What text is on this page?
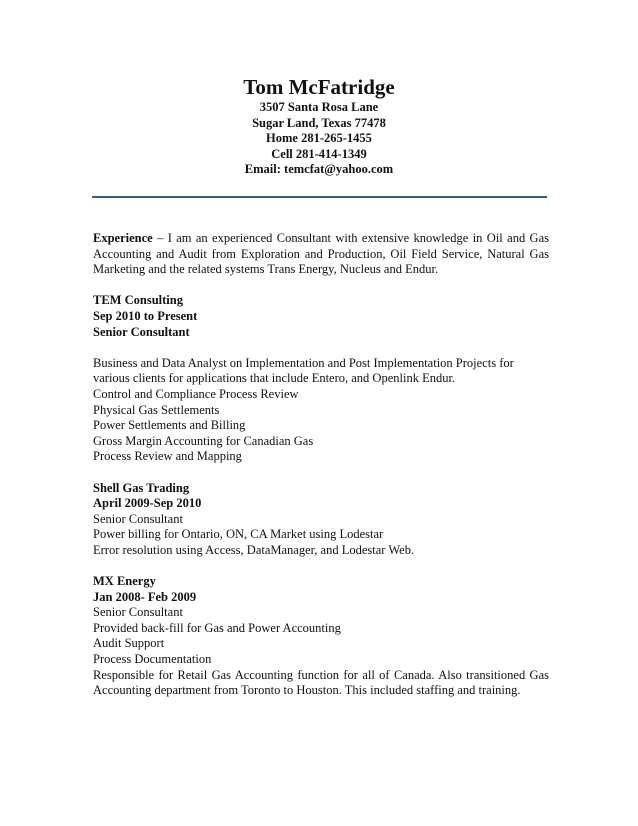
Tom McFatridge
3507 Santa Rosa Lane
Sugar Land, Texas 77478
Home 281-265-1455
Cell 281-414-1349
Email: temcfat@yahoo.com

Experience – I am an experienced Consultant with extensive knowledge in Oil and Gas Accounting and Audit from Exploration and Production, Oil Field Service, Natural Gas Marketing and the related systems Trans Energy, Nucleus and Endur.

TEM Consulting

Sep 2010 to Present

Senior Consultant

Business and Data Analyst on Implementation and Post Implementation Projects for various clients for applications that include Entero, and Openlink Endur.

Control and Compliance Process Review

Physical Gas Settlements

Power Settlements and Billing

Gross Margin Accounting for Canadian Gas

Process Review and Mapping

Shell Gas Trading

April 2009-Sep 2010

Senior Consultant

Power billing for Ontario, ON, CA Market using Lodestar

Error resolution using Access, DataManager, and Lodestar Web.

MX Energy

Jan 2008- Feb 2009

Senior Consultant

Provided back-fill for Gas and Power Accounting

Audit Support

Process Documentation

Responsible for Retail Gas Accounting function for all of Canada. Also transitioned Gas Accounting department from Toronto to Houston. This included staffing and training.
